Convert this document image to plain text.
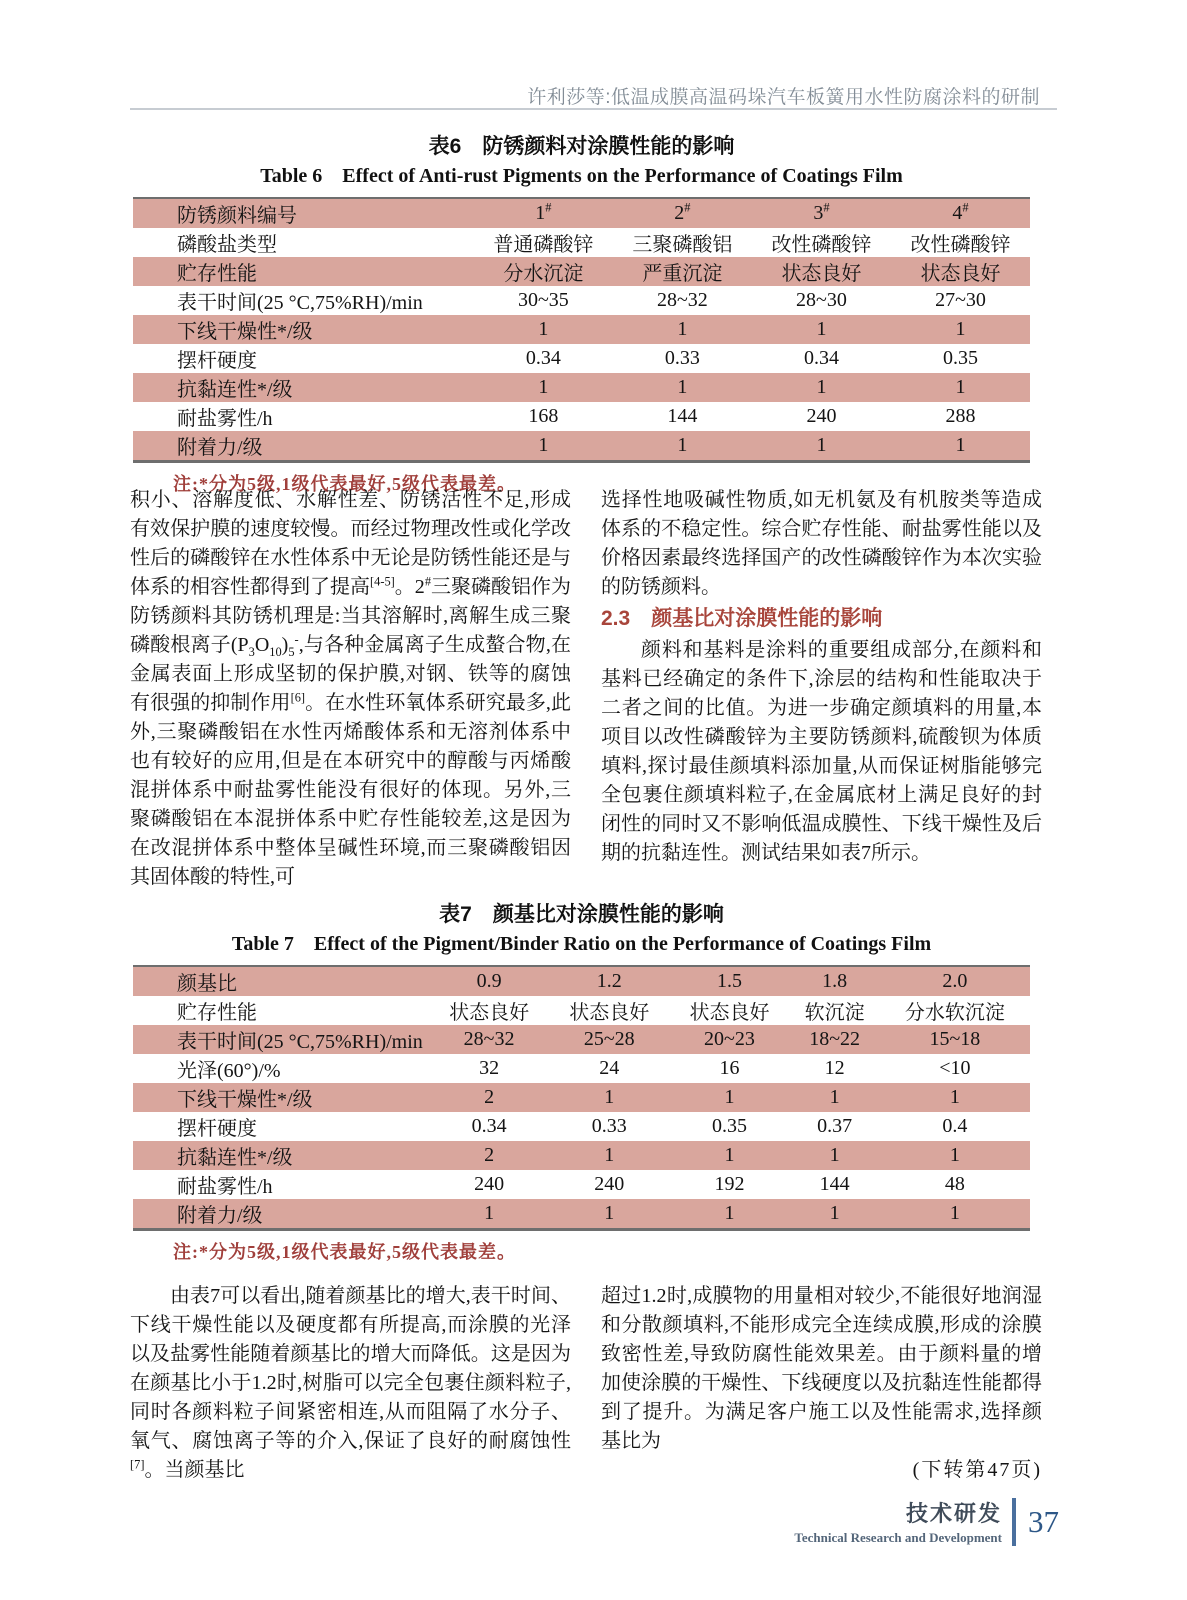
许利莎等:低温成膜高温码垛汽车板簧用水性防腐涂料的研制
表6 防锈颜料对涂膜性能的影响
Table 6 Effect of Anti-rust Pigments on the Performance of Coatings Film
防锈颜料编号	1#	2#	3#	4#
磷酸盐类型	普通磷酸锌	三聚磷酸铝	改性磷酸锌	改性磷酸锌
贮存性能	分水沉淀	严重沉淀	状态良好	状态良好
表干时间(25 °C,75%RH)/min	30~35	28~32	28~30	27~30
下线干燥性*/级	1	1	1	1
摆杆硬度	0.34	0.33	0.34	0.35
抗黏连性*/级	1	1	1	1
耐盐雾性/h	168	144	240	288
附着力/级	1	1	1	1
注:*分为5级,1级代表最好,5级代表最差。

积小、溶解度低、水解性差、防锈活性不足,形成有效保护膜的速度较慢。而经过物理改性或化学改性后的磷酸锌在水性体系中无论是防锈性能还是与体系的相容性都得到了提高[4-5]。2#三聚磷酸铝作为防锈颜料其防锈机理是:当其溶解时,离解生成三聚磷酸根离子$(P_3O_{10})_5^-$,与各种金属离子生成螯合物,在金属表面上形成坚韧的保护膜,对钢、铁等的腐蚀有很强的抑制作用[6]。在水性环氧体系研究最多,此外,三聚磷酸铝在水性丙烯酸体系和无溶剂体系中也有较好的应用,但是在本研究中的醇酸与丙烯酸混拼体系中耐盐雾性能没有很好的体现。另外,三聚磷酸铝在本混拼体系中贮存性能较差,这是因为在改混拼体系中整体呈碱性环境,而三聚磷酸铝因其固体酸的特性,可

选择性地吸碱性物质,如无机氨及有机胺类等造成体系的不稳定性。综合贮存性能、耐盐雾性能以及价格因素最终选择国产的改性磷酸锌作为本次实验的防锈颜料。

2.3 颜基比对涂膜性能的影响

颜料和基料是涂料的重要组成部分,在颜料和基料已经确定的条件下,涂层的结构和性能取决于二者之间的比值。为进一步确定颜填料的用量,本项目以改性磷酸锌为主要防锈颜料,硫酸钡为体质填料,探讨最佳颜填料添加量,从而保证树脂能够完全包裹住颜填料粒子,在金属底材上满足良好的封闭性的同时又不影响低温成膜性、下线干燥性及后期的抗黏连性。测试结果如表7所示。

表7 颜基比对涂膜性能的影响
Table 7 Effect of the Pigment/Binder Ratio on the Performance of Coatings Film
颜基比	0.9	1.2	1.5	1.8	2.0
贮存性能	状态良好	状态良好	状态良好	软沉淀	分水软沉淀
表干时间(25 °C,75%RH)/min	28~32	25~28	20~23	18~22	15~18
光泽(60°)/%	32	24	16	12	<10
下线干燥性*/级	2	1	1	1	1
摆杆硬度	0.34	0.33	0.35	0.37	0.4
抗黏连性*/级	2	1	1	1	1
耐盐雾性/h	240	240	192	144	48
附着力/级	1	1	1	1	1
注:*分为5级,1级代表最好,5级代表最差。

由表7可以看出,随着颜基比的增大,表干时间、下线干燥性能以及硬度都有所提高,而涂膜的光泽以及盐雾性能随着颜基比的增大而降低。这是因为在颜基比小于1.2时,树脂可以完全包裹住颜料粒子,同时各颜料粒子间紧密相连,从而阻隔了水分子、氧气、腐蚀离子等的介入,保证了良好的耐腐蚀性[7]。当颜基比

超过1.2时,成膜物的用量相对较少,不能很好地润湿和分散颜填料,不能形成完全连续成膜,形成的涂膜致密性差,导致防腐性能效果差。由于颜料量的增加使涂膜的干燥性、下线硬度以及抗黏连性能都得到了提升。为满足客户施工以及性能需求,选择颜基比为

(下转第47页)

技术研发
Technical Research and Development 37
